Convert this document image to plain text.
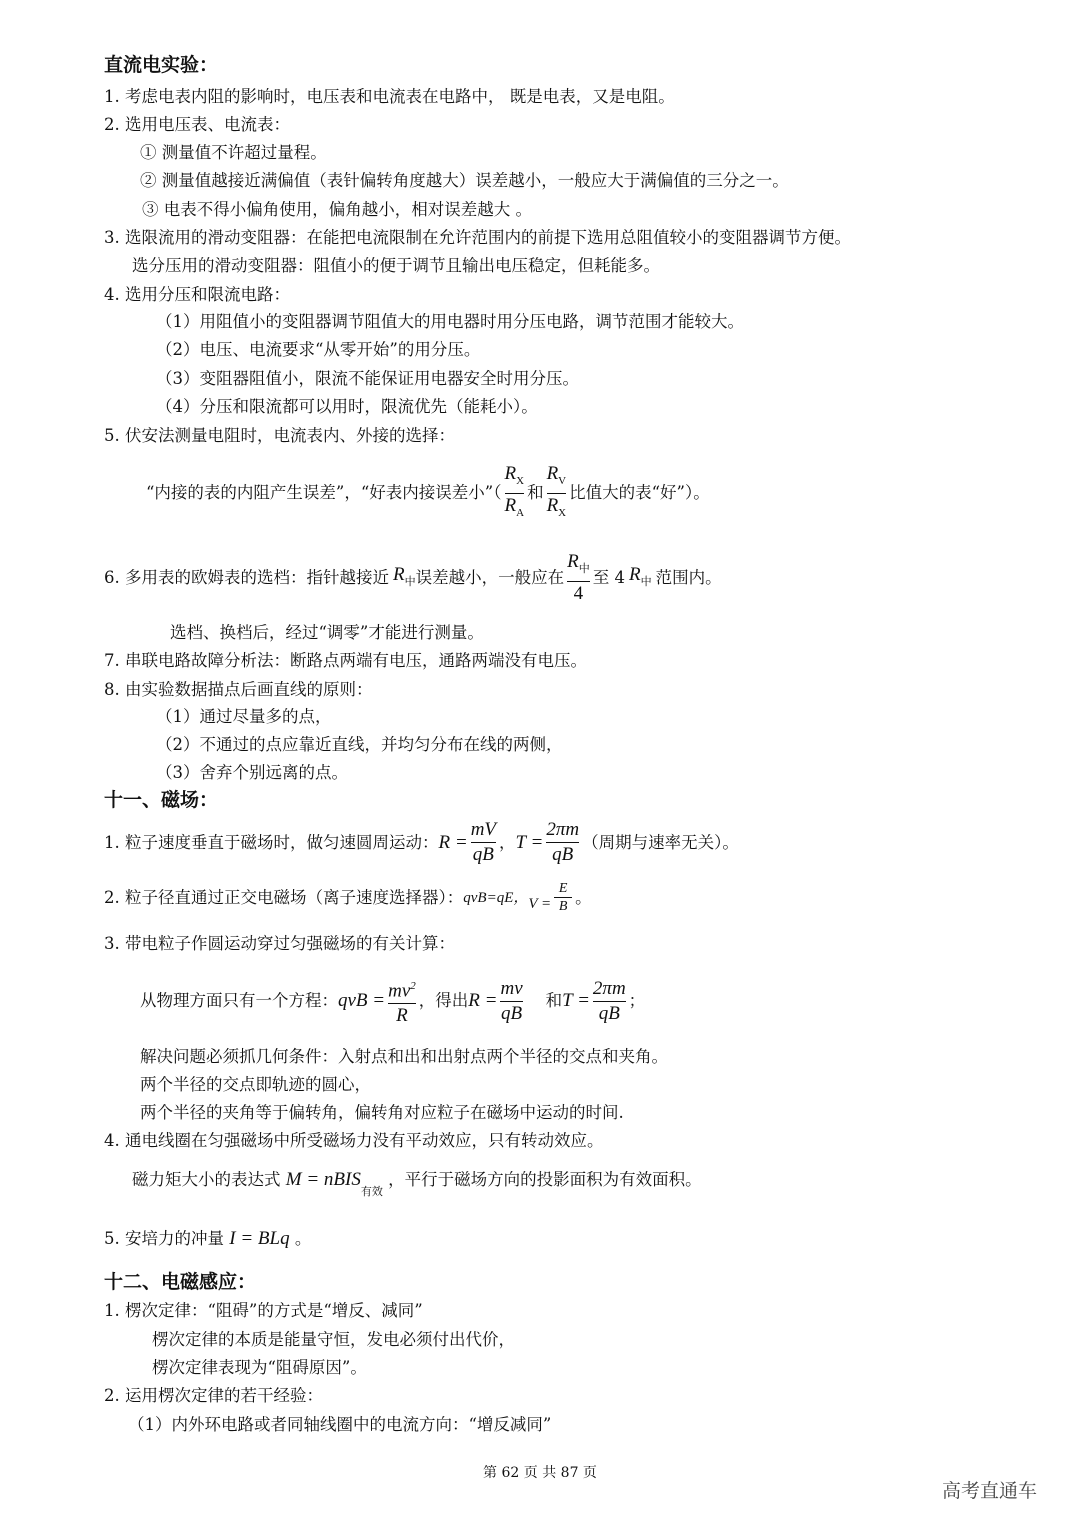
直流电实验：
1. 考虑电表内阻的影响时，电压表和电流表在电路中， 既是电表，又是电阻。
2. 选用电压表、电流表：
① 测量值不许超过量程。
② 测量值越接近满偏值（表针偏转角度越大）误差越小，一般应大于满偏值的三分之一。
③ 电表不得小偏角使用，偏角越小，相对误差越大 。
3. 选限流用的滑动变阻器：在能把电流限制在允许范围内的前提下选用总阻值较小的变阻器调节方便。
选分压用的滑动变阻器：阻值小的便于调节且输出电压稳定，但耗能多。
4. 选用分压和限流电路：
（1）用阻值小的变阻器调节阻值大的用电器时用分压电路，调节范围才能较大。
（2）电压、电流要求“从零开始”的用分压。
（3）变阻器阻值小，限流不能保证用电器安全时用分压。
（4）分压和限流都可以用时，限流优先（能耗小）。
5. 伏安法测量电阻时，电流表内、外接的选择：
“内接的表的内阻产生误差”，“好表内接误差小”（ $\frac{R_X}{R_A}$ 和 $\frac{R_V}{R_X}$ 比值大的表“好”）。
6. 多用表的欧姆表的选档：指针越接近 $R_中$ 误差越小，一般应在 $\frac{R_中}{4}$ 至 4 $R_中$ 范围内。
选档、换档后，经过“调零”才能进行测量。
7. 串联电路故障分析法：断路点两端有电压，通路两端没有电压。
8. 由实验数据描点后画直线的原则：
（1）通过尽量多的点，
（2）不通过的点应靠近直线，并均匀分布在线的两侧，
（3）舍弃个别远离的点。
十一、磁场：
1. 粒子速度垂直于磁场时，做匀速圆周运动： $R = \frac{mV}{qB}$ ， $T = \frac{2\pi m}{qB}$ （周期与速率无关）。
2. 粒子径直通过正交电磁场（离子速度选择器）： qvB=qE， $V = \frac{E}{B}$ 。
3. 带电粒子作圆运动穿过匀强磁场的有关计算：
从物理方面只有一个方程： qvB = $\frac{mv^2}{R}$ ，得出 $R = \frac{mv}{qB}$ 和 $T = \frac{2\pi m}{qB}$ ；
解决问题必须抓几何条件：入射点和出和出射点两个半径的交点和夹角。
两个半径的交点即轨迹的圆心，
两个半径的夹角等于偏转角，偏转角对应粒子在磁场中运动的时间.
4. 通电线圈在匀强磁场中所受磁场力没有平动效应，只有转动效应。
磁力矩大小的表达式 M = nBIS$_{有效}$ ，平行于磁场方向的投影面积为有效面积。
5. 安培力的冲量 I = BLq 。
十二、电磁感应：
1. 楞次定律：“阻碍”的方式是“增反、减同”
楞次定律的本质是能量守恒，发电必须付出代价，
楞次定律表现为“阻碍原因”。
2. 运用楞次定律的若干经验：
（1）内外环电路或者同轴线圈中的电流方向：“增反减同”
第 62 页 共 87 页
高考直通车
